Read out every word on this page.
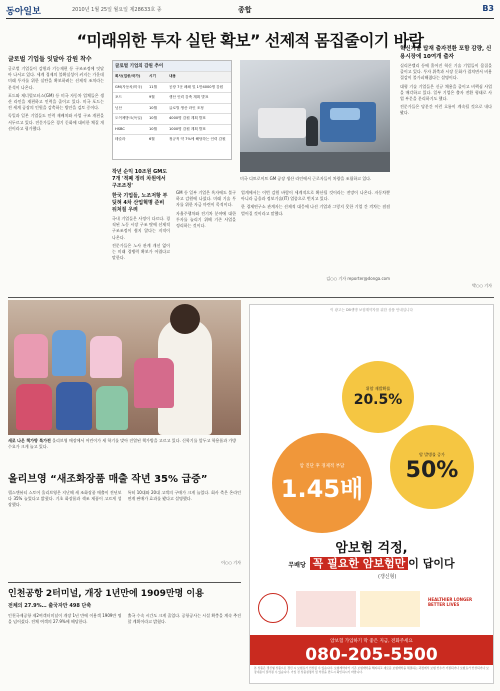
동아일보	2010년 1월 25일 월요일 제28633호 종	종합	B3
“미래위한 투자 실탄 확보” 선제적 몸집줄이기 바람
글로벌 기업들 잇달아 감원 착수

글로벌 기업들이 감원과 기능재편 등 구조조정에 잇달아 나서고 있다. 세계 경제의 불확실성이 커지는 가운데 미래 투자를 위한 실탄을 확보하려는 선제적 조치라는 분석이 나온다.

포드와 제너럴모터스(GM) 등 미국 자동차 업체들은 생산 라인을 재편하고 인력을 줄이고 있다. 미국 포드는 전 세계 공장의 인원을 감축하는 방안을 검토 중이다.

독일과 일본 기업들도 인력 재배치와 사업 구조 개편을 서두르고 있다. 전문가들은 경기 둔화에 대비한 체질 개선이라고 평가했다.

글로벌 기업의 감원 추이
회사(업종/국가)	시기	내용
GM(자동차/미국)	11월	공장 7곳 폐쇄 및 1만4000명 감원
포드	9월	생산 인력 감축 계획 발표
닛산	10월	글로벌 생산 라인 조정
도이체방크(독일)	10월	4000명 감원 계획 발표
HSBC	10월	1000명 감원 계획 발표
테슬라	6월	정규직 약 7%에 해당하는 인력 감원
미국 디트로이트 GM 공장 생산 라인에서 근로자들이 차량을 조립하고 있다.
작년 순익 10조원 GM도 7개 '적폐 정리 차원에서 구조조정'
한국 기업들, 노조저항 부딪혀 4차 산업혁명 준비 뒤처질 우려

국내 기업들은 사정이 다르다. 경직된 노동 시장 구조 탓에 선제적 구조조정이 쉽지 않다는 지적이 나온다.

전문가들은 노사 관계 개선 없이는 미래 경쟁력 확보가 어렵다고 말한다.

GM 등 일부 기업은 흑자에도 불구하고 감원에 나섰다. 미래 기술 투자를 위한 자금 마련이 목적이다.

자율주행차와 전기차 분야에 대한 투자를 늘리기 위해 기존 사업을 정리하는 것이다.

업계에서는 이번 감원 바람이 세계적으로 확산될 것이라는 전망이 나온다. 자동차뿐 아니라 금융과 정보기술(IT) 업종으로 번지고 있다.

한 경제연구소 관계자는 선제적 대응에 나선 기업과 그렇지 못한 기업 간 격차는 점점 벌어질 것이라고 말했다.

김○○ 기자 reporter@donga.com
혁신기술 탑재 출자전환 포함 감량, 신용시장에 10여개 출자

실리콘밸리 등에 흩어진 혁신 기술 기업들이 몸집을 줄이고 있다. 투자 위축과 시장 둔화가 겹치면서 비용 절감이 불가피해졌다는 설명이다.

대형 기술 기업들은 신규 채용을 줄이고 비핵심 사업을 매각하고 있다. 일부 기업은 출자 전환 형태로 사업 부문을 분리하기도 했다.

전문가들은 당분간 이런 흐름이 계속될 것으로 내다봤다.

박○○ 기자
새로 나온 책가방 특가전 올리브영 매장에서 어린이가 새 학기를 맞아 진열된 책가방을 고르고 있다. 신학기를 앞두고 학용품과 가방 수요가 크게 늘고 있다.
올리브영 “새조화장품 매출 작년 35% 급증”
헬스앤뷰티 스토어 올리브영은 지난해 새 조화장품 매출이 전년보다 35% 늘었다고 밝혔다. 기초 화장품과 색조 제품이 고르게 성장했다.
특히 10대와 20대 고객의 구매가 크게 늘었다. 회사 측은 온라인 연계 판매가 효과를 봤다고 설명했다.
이○○ 기자
인천공항 2터미널, 개장 1년만에 1909만명 이용
전체의 27.9%… 출국자만 498 단축
인천국제공항 제2여객터미널이 개장 1년 만에 이용객 1909만 명을 넘어섰다. 전체 여객의 27.9%에 해당한다.
출국 수속 시간도 크게 줄었다. 공항공사는 시설 확충을 계속 추진할 계획이라고 밝혔다.
이 광고는 DB생명 보험계약자를 위한 상품 안내입니다
위암 재발확률
20.5%
암 진단 후 경제적 부담
1.45배
암 발병률 증가
50%
암보험 걱정,
무배당 꼭 필요한 암보험만 이 답이다
(갱신형)
HEALTHIER LONGER BETTER LIVES
암보험 가입하기 딱 좋은 지금, 전화주세요
080-205-5500
본 상품은 갱신형 상품으로 갱신 시 보험료가 인상될 수 있습니다. 보험계약자가 기존 보험계약을 해지하고 새로운 보험계약을 체결하는 과정에서 보험 인수가 거절되거나 보험료가 인상되거나 보장내용이 달라질 수 있습니다. 가입 전 상품설명서 및 약관을 반드시 확인하시기 바랍니다.
